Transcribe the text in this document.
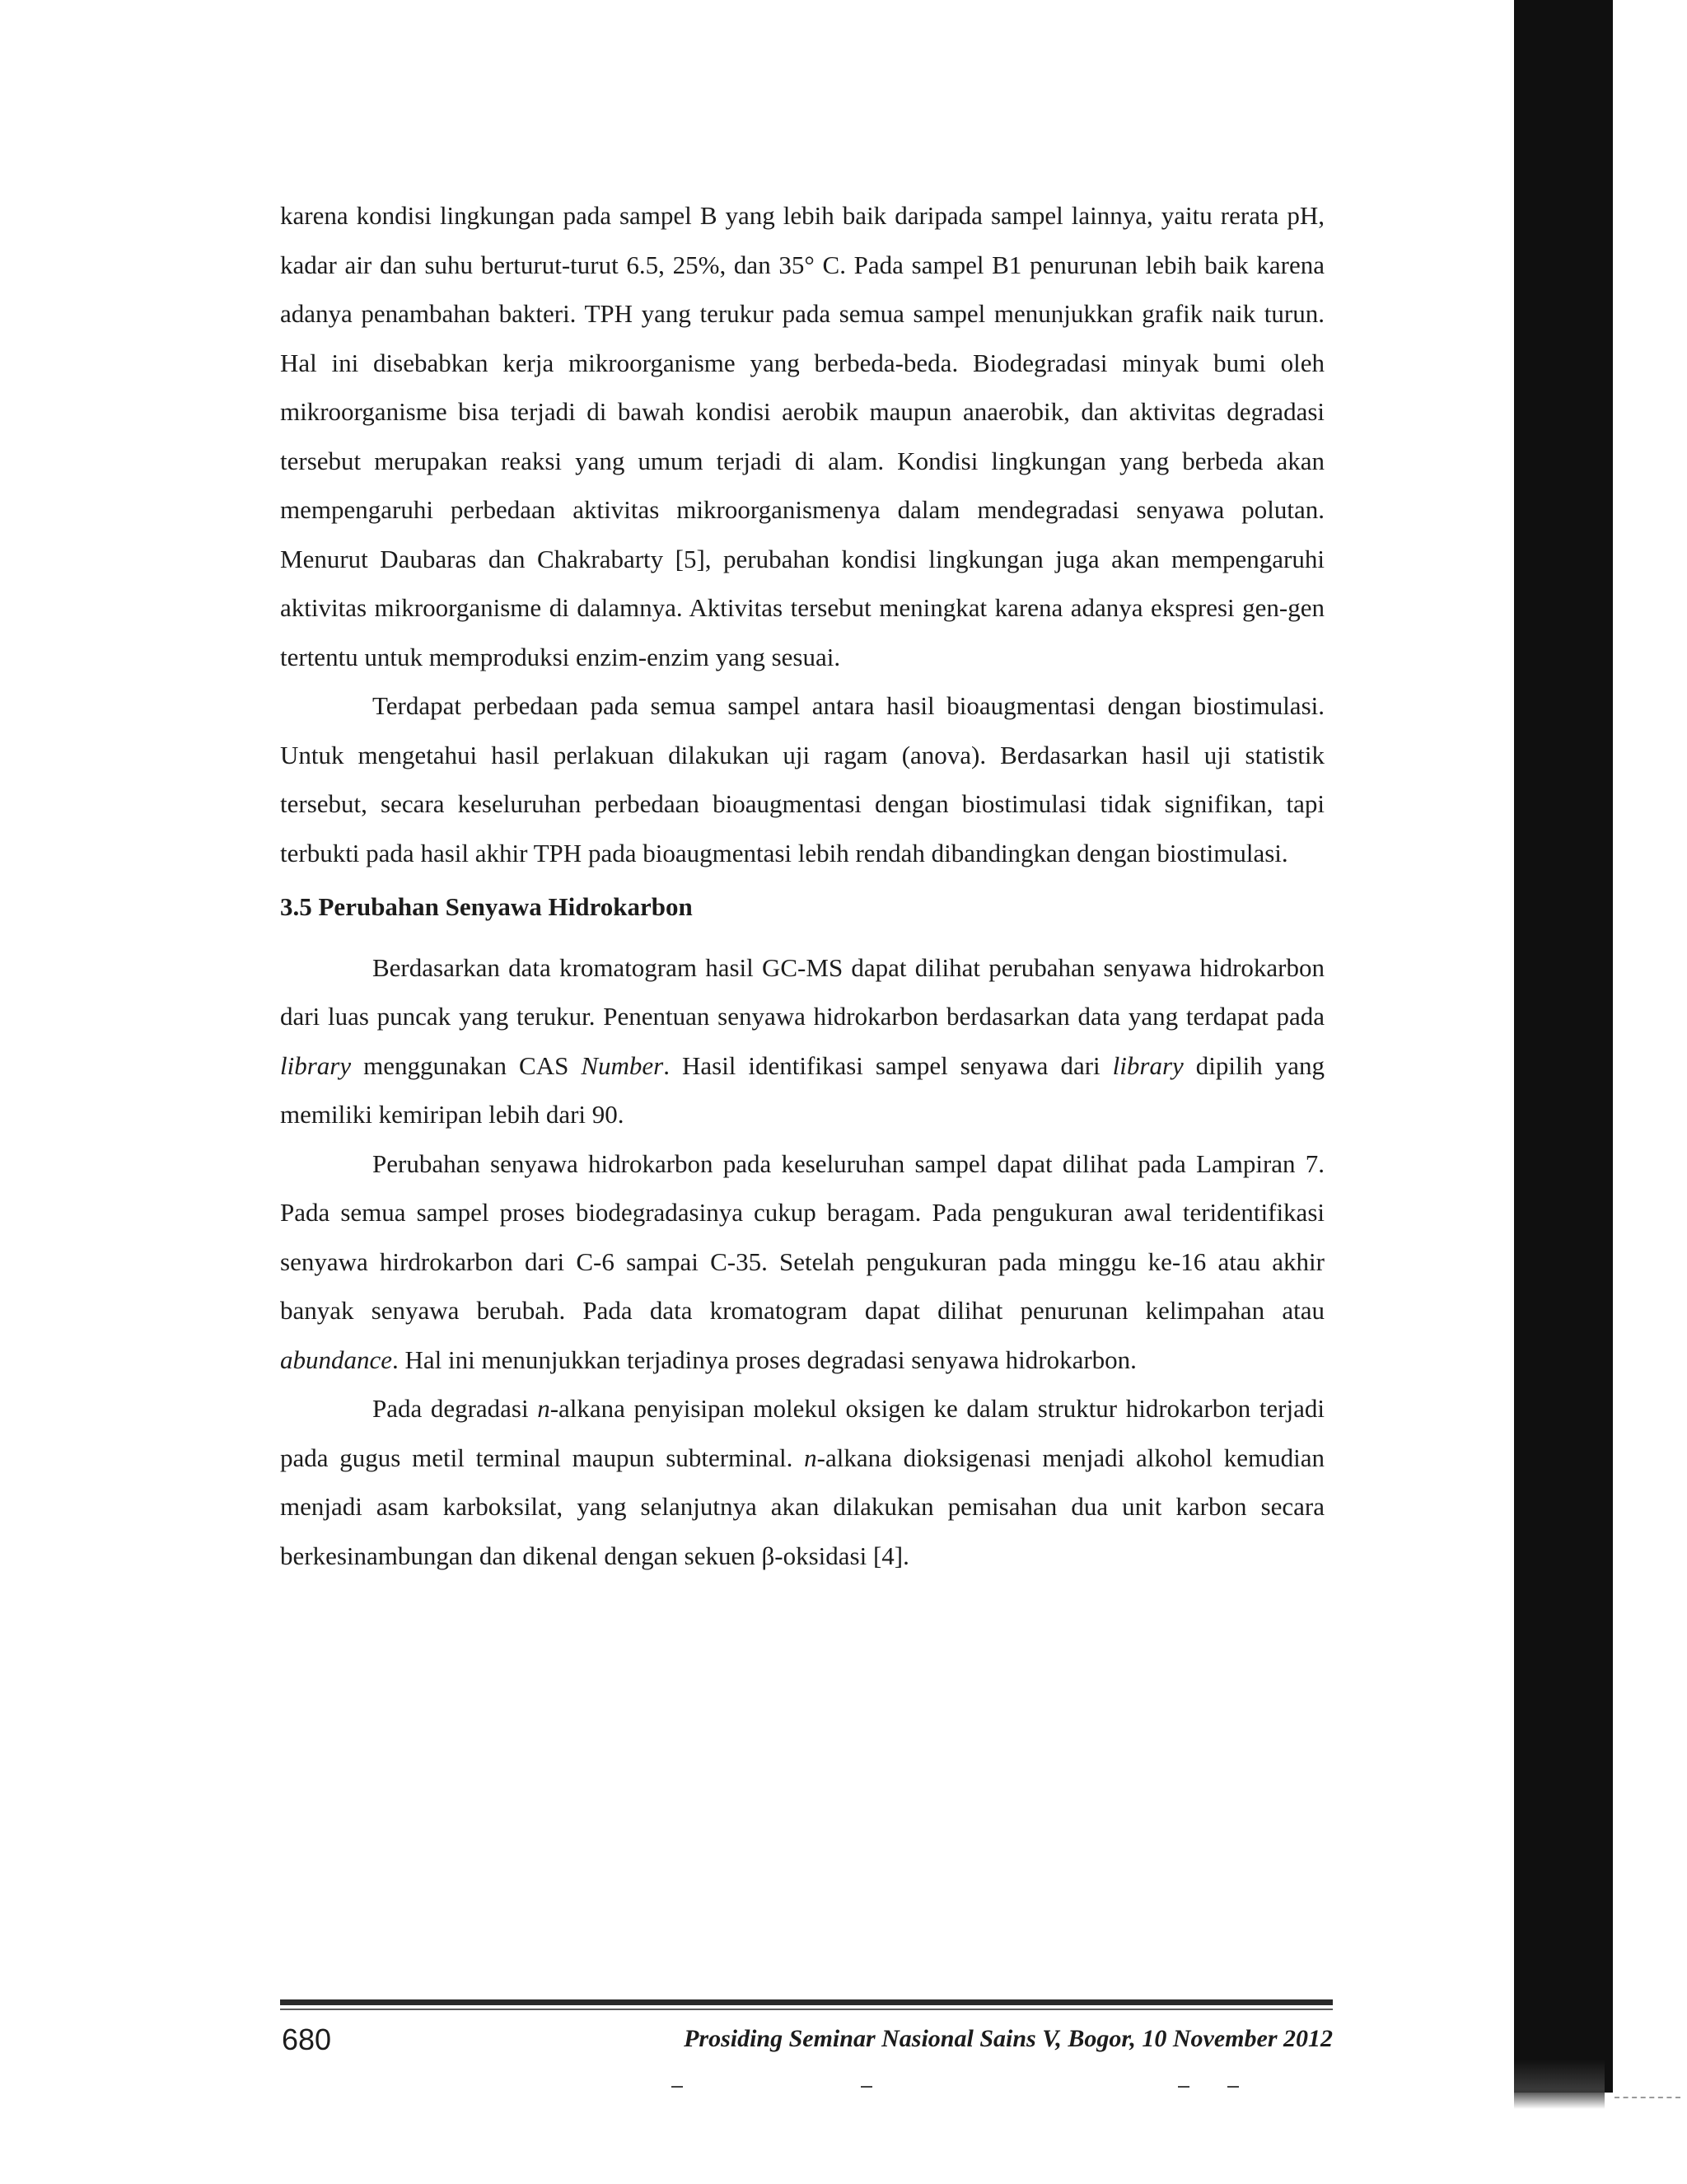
karena kondisi lingkungan pada sampel B yang lebih baik daripada sampel lainnya, yaitu rerata pH, kadar air dan suhu berturut-turut 6.5, 25%, dan 35° C. Pada sampel B1 penurunan lebih baik karena adanya penambahan bakteri. TPH yang terukur pada semua sampel menunjukkan grafik naik turun. Hal ini disebabkan kerja mikroorganisme yang berbeda-beda. Biodegradasi minyak bumi oleh mikroorganisme bisa terjadi di bawah kondisi aerobik maupun anaerobik, dan aktivitas degradasi tersebut merupakan reaksi yang umum terjadi di alam. Kondisi lingkungan yang berbeda akan mempengaruhi perbedaan aktivitas mikroorganismenya dalam mendegradasi senyawa polutan. Menurut Daubaras dan Chakrabarty [5], perubahan kondisi lingkungan juga akan mempengaruhi aktivitas mikroorganisme di dalamnya. Aktivitas tersebut meningkat karena adanya ekspresi gen-gen tertentu untuk memproduksi enzim-enzim yang sesuai.

Terdapat perbedaan pada semua sampel antara hasil bioaugmentasi dengan biostimulasi. Untuk mengetahui hasil perlakuan dilakukan uji ragam (anova). Berdasarkan hasil uji statistik tersebut, secara keseluruhan perbedaan bioaugmentasi dengan biostimulasi tidak signifikan, tapi terbukti pada hasil akhir TPH pada bioaugmentasi lebih rendah dibandingkan dengan biostimulasi.

3.5 Perubahan Senyawa Hidrokarbon

Berdasarkan data kromatogram hasil GC-MS dapat dilihat perubahan senyawa hidrokarbon dari luas puncak yang terukur. Penentuan senyawa hidrokarbon berdasarkan data yang terdapat pada library menggunakan CAS Number. Hasil identifikasi sampel senyawa dari library dipilih yang memiliki kemiripan lebih dari 90.

Perubahan senyawa hidrokarbon pada keseluruhan sampel dapat dilihat pada Lampiran 7. Pada semua sampel proses biodegradasinya cukup beragam. Pada pengukuran awal teridentifikasi senyawa hirdrokarbon dari C-6 sampai C-35. Setelah pengukuran pada minggu ke-16 atau akhir banyak senyawa berubah. Pada data kromatogram dapat dilihat penurunan kelimpahan atau abundance. Hal ini menunjukkan terjadinya proses degradasi senyawa hidrokarbon.

Pada degradasi n-alkana penyisipan molekul oksigen ke dalam struktur hidrokarbon terjadi pada gugus metil terminal maupun subterminal. n-alkana dioksigenasi menjadi alkohol kemudian menjadi asam karboksilat, yang selanjutnya akan dilakukan pemisahan dua unit karbon secara berkesinambungan dan dikenal dengan sekuen β-oksidasi [4].

680	Prosiding Seminar Nasional Sains V, Bogor, 10 November 2012
